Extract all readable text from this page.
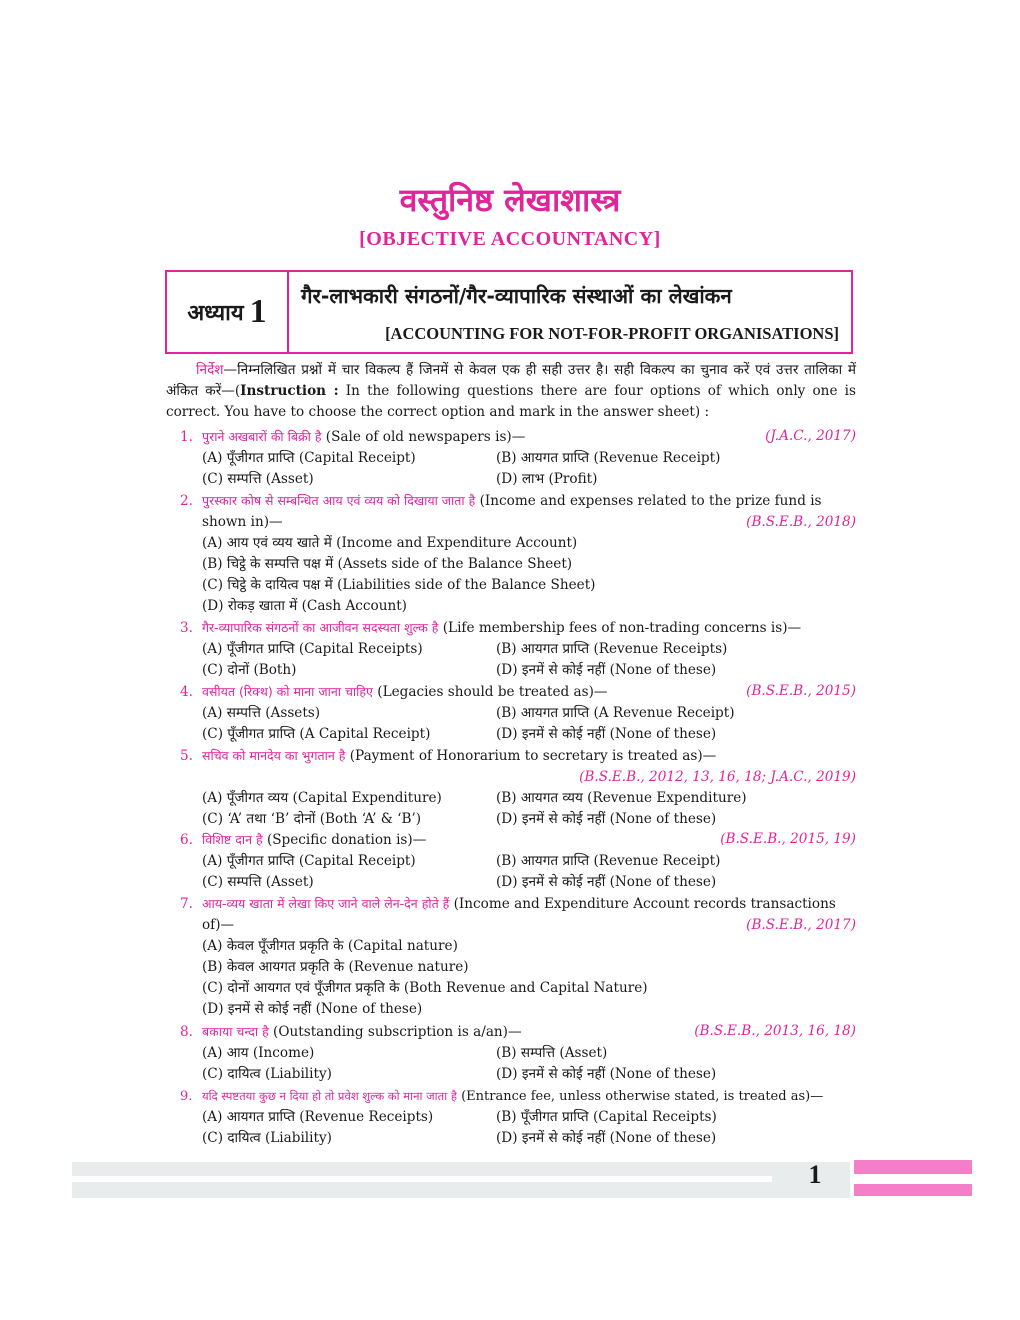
वस्तुनिष्ठ लेखाशास्त्र
[OBJECTIVE ACCOUNTANCY]
अध्याय 1 गैर-लाभकारी संगठनों/गैर-व्यापारिक संस्थाओं का लेखांकन
[ACCOUNTING FOR NOT-FOR-PROFIT ORGANISATIONS]
निर्देश—निम्नलिखित प्रश्नों में चार विकल्प हैं जिनमें से केवल एक ही सही उत्तर है। सही विकल्प का चुनाव करें एवं उत्तर तालिका में अंकित करें—(Instruction : In the following questions there are four options of which only one is correct. You have to choose the correct option and mark in the answer sheet) :
1. पुराने अखबारों की बिक्री है (Sale of old newspapers is)—	(J.A.C., 2017)
(A) पूँजीगत प्राप्ति (Capital Receipt)	(B) आयगत प्राप्ति (Revenue Receipt)
(C) सम्पत्ति (Asset)	(D) लाभ (Profit)
2. पुरस्कार कोष से सम्बन्धित आय एवं व्यय को दिखाया जाता है (Income and expenses related to the prize fund is
shown in)—	(B.S.E.B., 2018)
(A) आय एवं व्यय खाते में (Income and Expenditure Account)
(B) चिट्ठे के सम्पत्ति पक्ष में (Assets side of the Balance Sheet)
(C) चिट्ठे के दायित्व पक्ष में (Liabilities side of the Balance Sheet)
(D) रोकड़ खाता में (Cash Account)
3. गैर-व्यापारिक संगठनों का आजीवन सदस्यता शुल्क है (Life membership fees of non-trading concerns is)—
(A) पूँजीगत प्राप्ति (Capital Receipts)	(B) आयगत प्राप्ति (Revenue Receipts)
(C) दोनों (Both)	(D) इनमें से कोई नहीं (None of these)
4. वसीयत (रिक्थ) को माना जाना चाहिए (Legacies should be treated as)—	(B.S.E.B., 2015)
(A) सम्पत्ति (Assets)	(B) आयगत प्राप्ति (A Revenue Receipt)
(C) पूँजीगत प्राप्ति (A Capital Receipt)	(D) इनमें से कोई नहीं (None of these)
5. सचिव को मानदेय का भुगतान है (Payment of Honorarium to secretary is treated as)—
(B.S.E.B., 2012, 13, 16, 18; J.A.C., 2019)
(A) पूँजीगत व्यय (Capital Expenditure)	(B) आयगत व्यय (Revenue Expenditure)
(C) ‘A’ तथा ‘B’ दोनों (Both ‘A’ & ‘B’)	(D) इनमें से कोई नहीं (None of these)
6. विशिष्ट दान है (Specific donation is)—	(B.S.E.B., 2015, 19)
(A) पूँजीगत प्राप्ति (Capital Receipt)	(B) आयगत प्राप्ति (Revenue Receipt)
(C) सम्पत्ति (Asset)	(D) इनमें से कोई नहीं (None of these)
7. आय-व्यय खाता में लेखा किए जाने वाले लेन-देन होते हैं (Income and Expenditure Account records transactions
of)—	(B.S.E.B., 2017)
(A) केवल पूँजीगत प्रकृति के (Capital nature)
(B) केवल आयगत प्रकृति के (Revenue nature)
(C) दोनों आयगत एवं पूँजीगत प्रकृति के (Both Revenue and Capital Nature)
(D) इनमें से कोई नहीं (None of these)
8. बकाया चन्दा है (Outstanding subscription is a/an)—	(B.S.E.B., 2013, 16, 18)
(A) आय (Income)	(B) सम्पत्ति (Asset)
(C) दायित्व (Liability)	(D) इनमें से कोई नहीं (None of these)
9. यदि स्पष्टतया कुछ न दिया हो तो प्रवेश शुल्क को माना जाता है (Entrance fee, unless otherwise stated, is treated as)—
(A) आयगत प्राप्ति (Revenue Receipts)	(B) पूँजीगत प्राप्ति (Capital Receipts)
(C) दायित्व (Liability)	(D) इनमें से कोई नहीं (None of these)
1
